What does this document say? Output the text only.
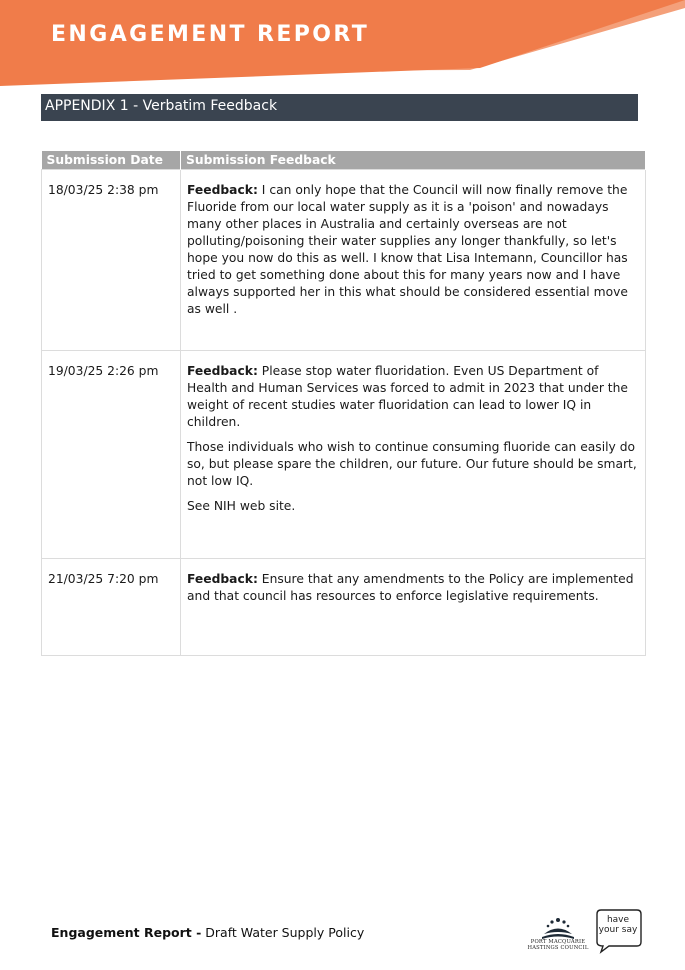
ENGAGEMENT REPORT
APPENDIX 1 - Verbatim Feedback
Submission Date	Submission Feedback
18/03/25 2:38 pm	Feedback: I can only hope that the Council will now finally remove the Fluoride from our local water supply as it is a 'poison' and nowadays many other places in Australia and certainly overseas are not polluting/poisoning their water supplies any longer thankfully, so let's hope you now do this as well. I know that Lisa Intemann, Councillor has tried to get something done about this for many years now and I have always supported her in this what should be considered essential move as well .

19/03/25 2:26 pm	Feedback: Please stop water fluoridation. Even US Department of Health and Human Services was forced to admit in 2023 that under the weight of recent studies water fluoridation can lead to lower IQ in children.

Those individuals who wish to continue consuming fluoride can easily do so, but please spare the children, our future. Our future should be smart, not low IQ.

See NIH web site.

21/03/25 7:20 pm	Feedback: Ensure that any amendments to the Policy are implemented and that council has resources to enforce legislative requirements.

Engagement Report - Draft Water Supply Policy
PORT MACQUARIE
HASTINGS COUNCIL
have
your say
